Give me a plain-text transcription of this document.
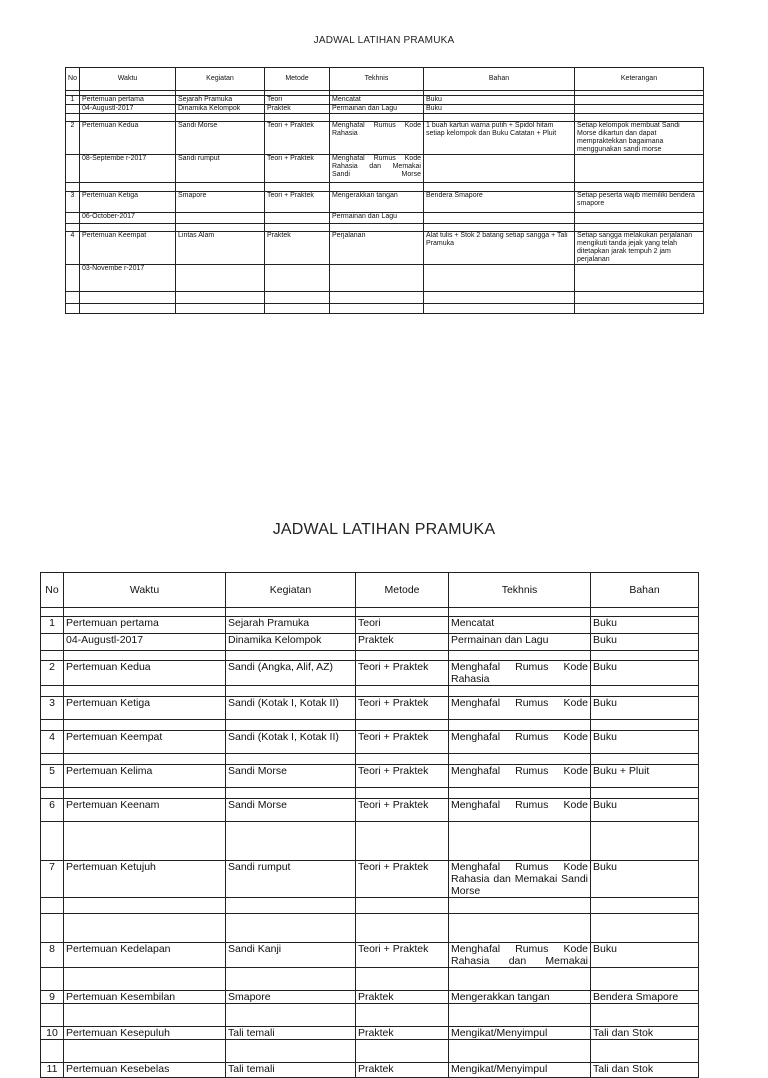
JADWAL LATIHAN PRAMUKA
No	Waktu	Kegiatan	Metode	Tekhnis	Bahan	Keterangan

1	Pertemuan pertama	Sejarah Pramuka	Teori	Mencatat	Buku	
	04-Augustl-2017	Dinamika Kelompok	Praktek	Permainan dan Lagu	Buku	

2	Pertemuan Kedua	Sandi Morse	Teori + Praktek	Menghafal Rumus Kode Rahasia	1 buah kartun warna putih + Spidol hitam setiap kelompok dan Buku Catatan + Pluit	Setiap kelompok membuat Sandi Morse dikartun dan dapat mempraktekkan bagaimana menggunakan sandi morse
	08-Septembe r-2017	Sandi rumput	Teori + Praktek	Menghafal Rumus Kode Rahasia dan Memakai Sandi Morse		

3	Pertemuan Ketiga	Smapore	Teori + Praktek	Mengerakkan tangan	Bendera Smapore	Setiap peserta wajib memiliki bendera smapore
	06-October-2017			Permainan dan Lagu		

4	Pertemuan Keempat	Lintas Alam	Praktek	Perjalanan	Alat tulis + Stok 2 batang setiap sangga + Tali Pramuka	Setiap sangga melakukan perjalanan mengikuti tanda jejak yang telah ditetapkan jarak tempuh 2 jam perjalanan
	03-Novembe r-2017					

JADWAL LATIHAN PRAMUKA
No	Waktu	Kegiatan	Metode	Tekhnis	Bahan

1	Pertemuan pertama	Sejarah Pramuka	Teori	Mencatat	Buku
	04-Augustl-2017	Dinamika Kelompok	Praktek	Permainan dan Lagu	Buku

2	Pertemuan Kedua	Sandi (Angka, Alif, AZ)	Teori + Praktek	Menghafal Rumus Kode Rahasia	Buku

3	Pertemuan Ketiga	Sandi (Kotak I, Kotak II)	Teori + Praktek	Menghafal Rumus Kode	Buku

4	Pertemuan Keempat	Sandi (Kotak I, Kotak II)	Teori + Praktek	Menghafal Rumus Kode	Buku

5	Pertemuan Kelima	Sandi Morse	Teori + Praktek	Menghafal Rumus Kode	Buku + Pluit

6	Pertemuan Keenam	Sandi Morse	Teori + Praktek	Menghafal Rumus Kode	Buku

7	Pertemuan Ketujuh	Sandi rumput	Teori + Praktek	Menghafal Rumus Kode Rahasia dan Memakai Sandi Morse	Buku

8	Pertemuan Kedelapan	Sandi Kanji	Teori + Praktek	Menghafal Rumus Kode Rahasia dan Memakai	Buku

9	Pertemuan Kesembilan	Smapore	Praktek	Mengerakkan tangan	Bendera Smapore

10	Pertemuan Kesepuluh	Tali temali	Praktek	Mengikat/Menyimpul	Tali dan Stok

11	Pertemuan Kesebelas	Tali temali	Praktek	Mengikat/Menyimpul	Tali dan Stok
